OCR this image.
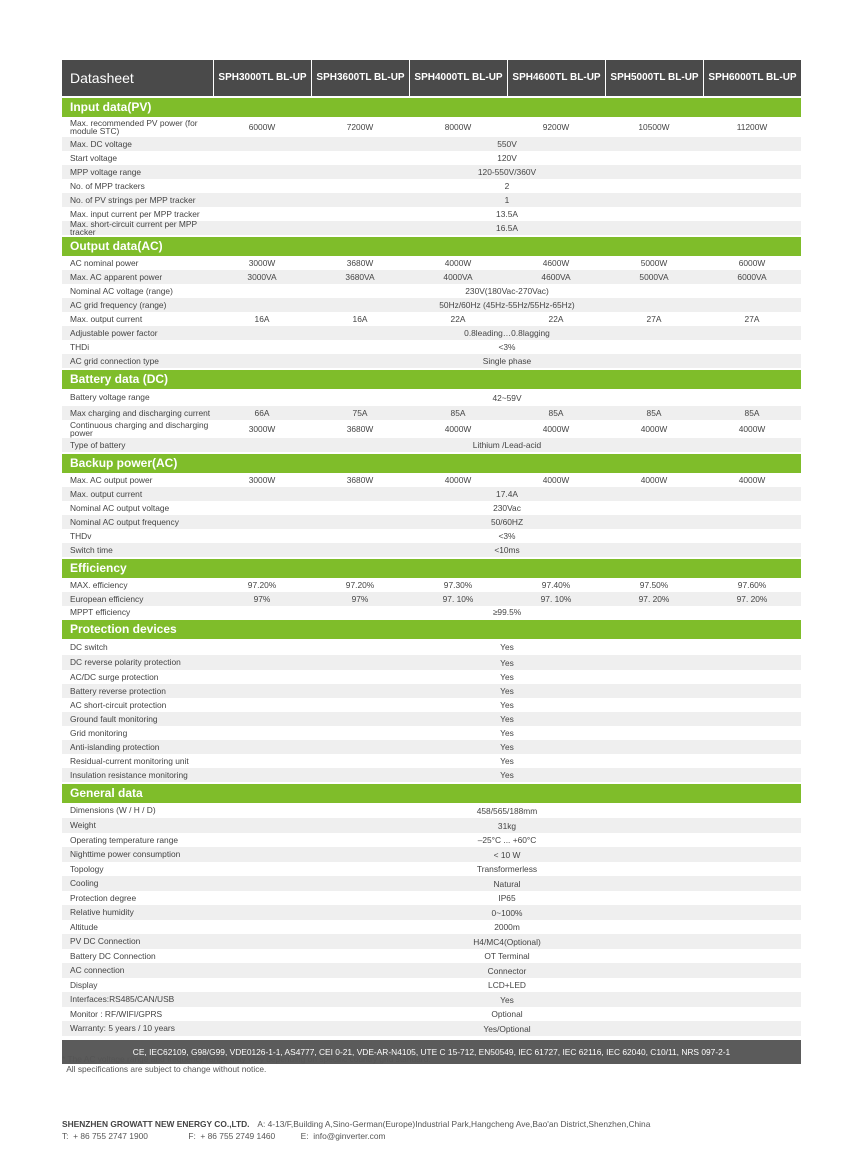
Datasheet	SPH3000TL BL-UP SPH3600TL BL-UP SPH4000TL BL-UP SPH4600TL BL-UP SPH5000TL BL-UP SPH6000TL BL-UP
Input data(PV)
Max. recommended PV power (for module STC)	6000W	7200W	8000W	9200W	10500W	11200W
Max. DC voltage	550V
Start voltage	120V
MPP voltage range	120-550V/360V
No. of MPP trackers	2
No. of PV strings per MPP tracker	1
Max. input current per MPP tracker	13.5A
Max. short-circuit current per MPP tracker	16.5A
Output data(AC)
AC nominal power	3000W	3680W	4000W	4600W	5000W	6000W
Max. AC apparent power	3000VA	3680VA	4000VA	4600VA	5000VA	6000VA
Nominal AC voltage (range)	230V(180Vac-270Vac)
AC grid frequency (range)	50Hz/60Hz (45Hz-55Hz/55Hz-65Hz)
Max. output current	16A	16A	22A	22A	27A	27A
Adjustable power factor	0.8leading…0.8lagging
THDi	<3%
AC grid connection type	Single phase
Battery data (DC)
Battery voltage range	42~59V
Max charging and discharging current	66A	75A	85A	85A	85A	85A
Continuous charging and discharging power	3000W	3680W	4000W	4000W	4000W	4000W
Type of battery	Lithium /Lead-acid
Backup power(AC)
Max. AC output power	3000W	3680W	4000W	4000W	4000W	4000W
Max. output current	17.4A
Nominal AC output voltage	230Vac
Nominal AC output frequency	50/60HZ
THDv	<3%
Switch time	<10ms
Efficiency
MAX. efficiency	97.20%	97.20%	97.30%	97.40%	97.50%	97.60%
European efficiency	97%	97%	97. 10%	97. 10%	97. 20%	97. 20%
MPPT efficiency	≥99.5%
Protection devices
DC switch	Yes
DC reverse polarity protection	Yes
AC/DC surge protection	Yes
Battery reverse protection	Yes
AC short-circuit protection	Yes
Ground fault monitoring	Yes
Grid monitoring	Yes
Anti-islanding protection	Yes
Residual-current monitoring unit	Yes
Insulation resistance monitoring	Yes
General data
Dimensions (W / H / D)	458/565/188mm
Weight	31kg
Operating temperature range	–25°C ... +60°C
Nighttime power consumption	< 10 W
Topology	Transformerless
Cooling	Natural
Protection degree	IP65
Relative humidity	0~100%
Altitude	2000m
PV DC Connection	H4/MC4(Optional)
Battery DC Connection	OT Terminal
AC connection	Connector
Display	LCD+LED
Interfaces:RS485/CAN/USB	Yes
Monitor : RF/WIFI/GPRS	Optional
Warranty: 5 years / 10 years	Yes/Optional
CE, IEC62109, G98/G99, VDE0126-1-1, AS4777, CEI 0-21, VDE-AR-N4105, UTE C 15-712, EN50549, IEC 61727, IEC 62116, IEC 62040, C10/11, NRS 097-2-1
* The AC voltage range and frequency range may vary depending on specific country grid standard.
All specifications are subject to change without notice.
SHENZHEN GROWATT NEW ENERGY CO.,LTD. A: 4-13/F,Building A,Sino-German(Europe)Industrial Park,Hangcheng Ave,Bao'an District,Shenzhen,China
T:  + 86 755 2747 1900	F:  + 86 755 2749 1460	E:  info@ginverter.com
